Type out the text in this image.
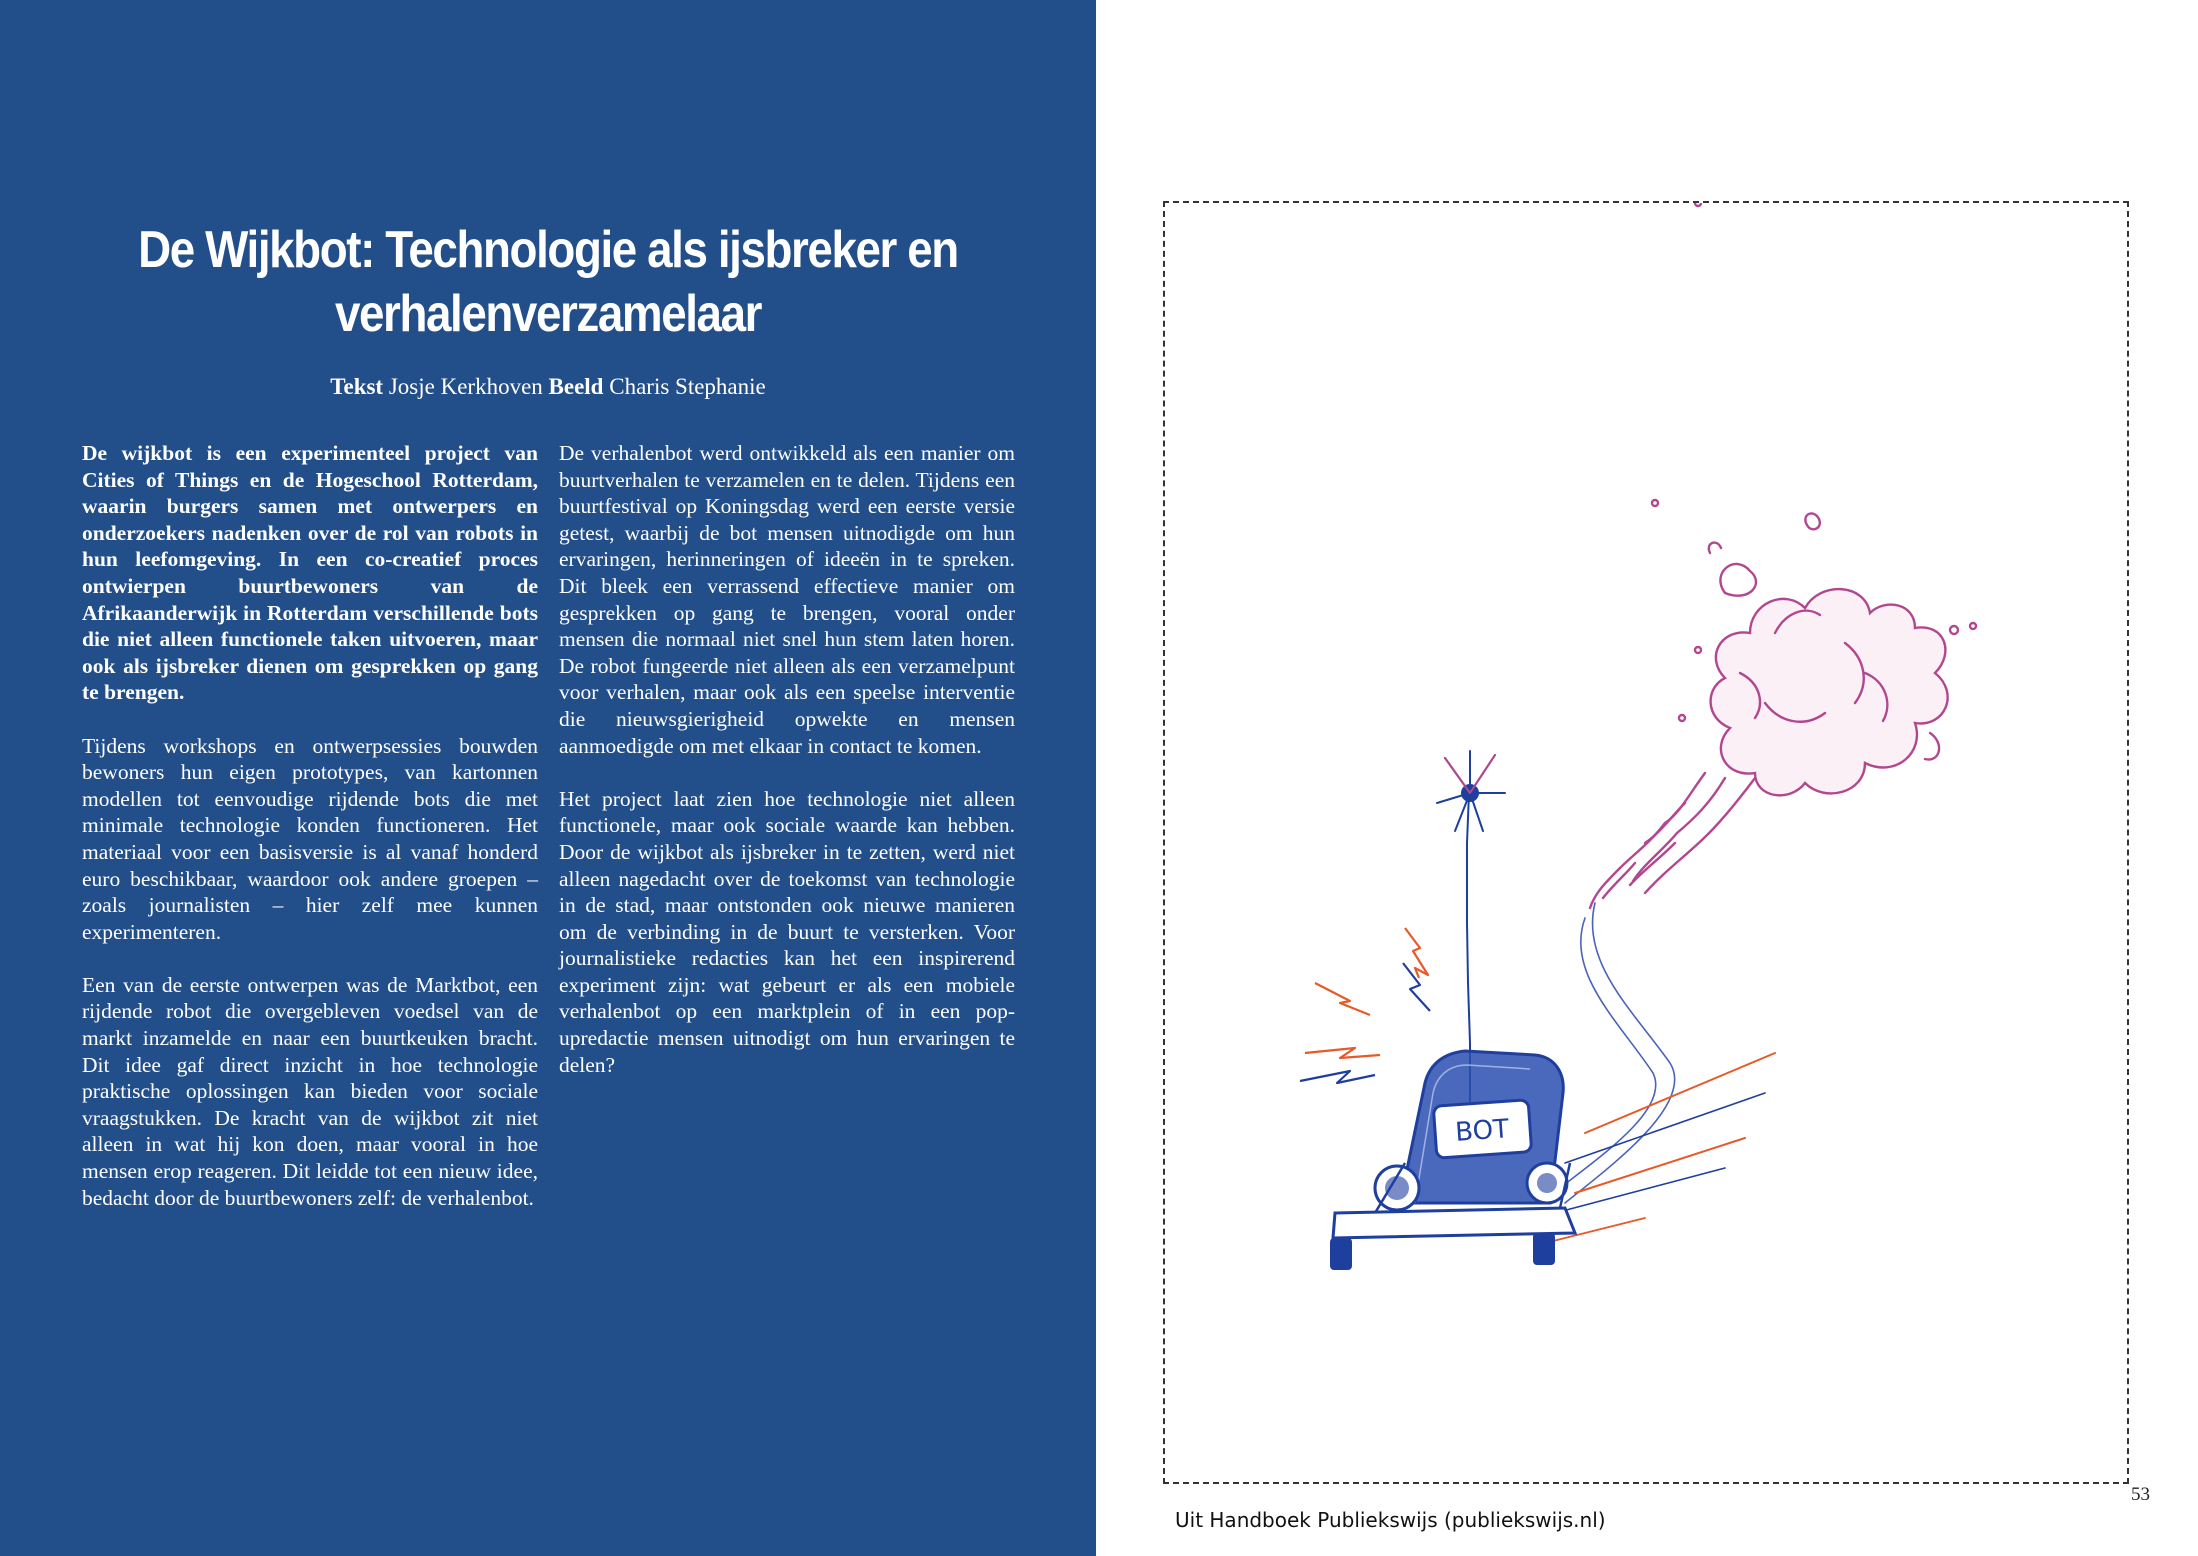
De Wijkbot: Technologie als ijsbreker en verhalenverzamelaar
Tekst Josje Kerkhoven Beeld Charis Stephanie

De wijkbot is een experimenteel project van Cities of Things en de Hogeschool Rotterdam, waarin burgers samen met ontwerpers en onderzoekers nadenken over de rol van robots in hun leefomgeving. In een co-creatief proces ontwierpen buurtbewoners van de Afrikaanderwijk in Rotterdam verschillende bots die niet alleen functionele taken uitvoeren, maar ook als ijsbreker dienen om gesprekken op gang te brengen.

Tijdens workshops en ontwerpsessies bouwden bewoners hun eigen prototypes, van kartonnen modellen tot eenvoudige rijdende bots die met minimale technologie konden functioneren. Het materiaal voor een basisversie is al vanaf honderd euro beschikbaar, waardoor ook andere groepen – zoals journalisten – hier zelf mee kunnen experimenteren.

Een van de eerste ontwerpen was de Marktbot, een rijdende robot die overgebleven voedsel van de markt inzamelde en naar een buurtkeuken bracht. Dit idee gaf direct inzicht in hoe technologie praktische oplossingen kan bieden voor sociale vraagstukken. De kracht van de wijkbot zit niet alleen in wat hij kon doen, maar vooral in hoe mensen erop reageren. Dit leidde tot een nieuw idee, bedacht door de buurtbewoners zelf: de verhalenbot.

De verhalenbot werd ontwikkeld als een manier om buurtverhalen te verzamelen en te delen. Tijdens een buurtfestival op Koningsdag werd een eerste versie getest, waarbij de bot mensen uitnodigde om hun ervaringen, herinneringen of ideeën in te spreken. Dit bleek een verrassend effectieve manier om gesprekken op gang te brengen, vooral onder mensen die normaal niet snel hun stem laten horen. De robot fungeerde niet alleen als een verzamelpunt voor verhalen, maar ook als een speelse interventie die nieuwsgierigheid opwekte en mensen aanmoedigde om met elkaar in contact te komen.

Het project laat zien hoe technologie niet alleen functionele, maar ook sociale waarde kan hebben. Door de wijkbot als ijsbreker in te zetten, werd niet alleen nagedacht over de toekomst van technologie in de stad, maar ontstonden ook nieuwe manieren om de verbinding in de buurt te versterken. Voor journalistieke redacties kan het een inspirerend experiment zijn: wat gebeurt er als een mobiele verhalenbot op een marktplein of in een pop-upredactie mensen uitnodigt om hun ervaringen te delen?

BOT
53
Uit Handboek Publiekswijs (publiekswijs.nl)
